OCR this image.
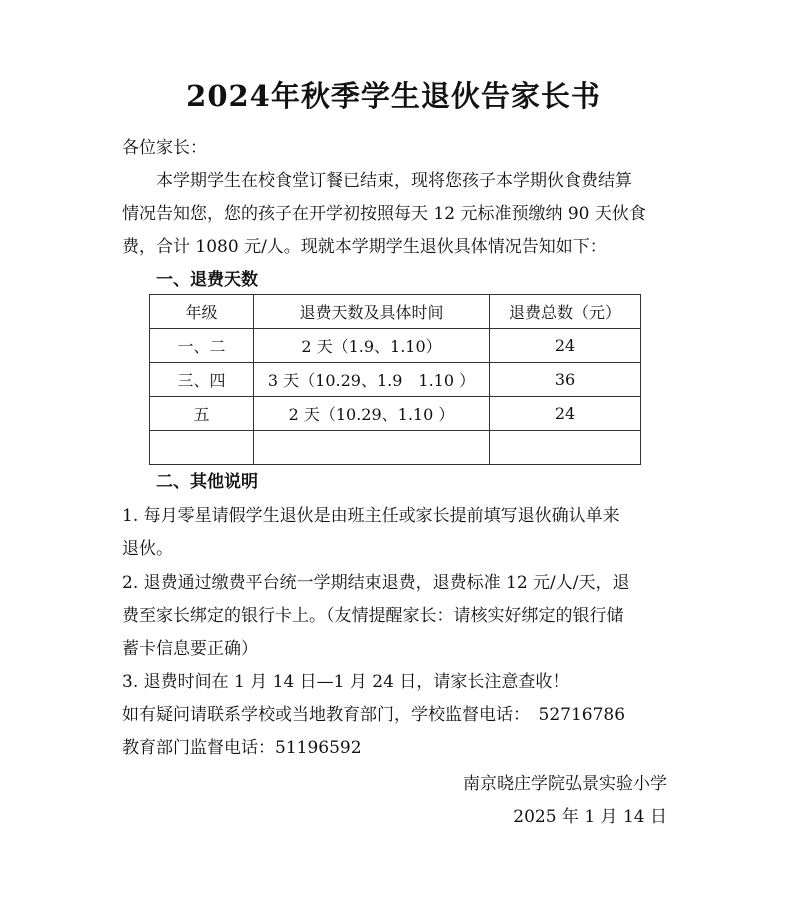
2024年秋季学生退伙告家长书
各位家长：
本学期学生在校食堂订餐已结束，现将您孩子本学期伙食费结算
情况告知您，您的孩子在开学初按照每天 12 元标准预缴纳 90 天伙食
费，合计 1080 元/人。现就本学期学生退伙具体情况告知如下：
一、退费天数
年级	退费天数及具体时间	退费总数（元）
一、二	2 天（1.9、1.10）	24
三、四	3 天（10.29、1.9　1.10 ）	36
五	2 天（10.29、1.10 ）	24

二、其他说明
1. 每月零星请假学生退伙是由班主任或家长提前填写退伙确认单来
退伙。
2. 退费通过缴费平台统一学期结束退费，退费标准 12 元/人/天，退
费至家长绑定的银行卡上。（友情提醒家长：请核实好绑定的银行储
蓄卡信息要正确）
3. 退费时间在 1 月 14 日—1 月 24 日，请家长注意查收！
如有疑问请联系学校或当地教育部门，学校监督电话：　52716786
教育部门监督电话：51196592
南京晓庄学院弘景实验小学
2025 年 1 月 14 日
